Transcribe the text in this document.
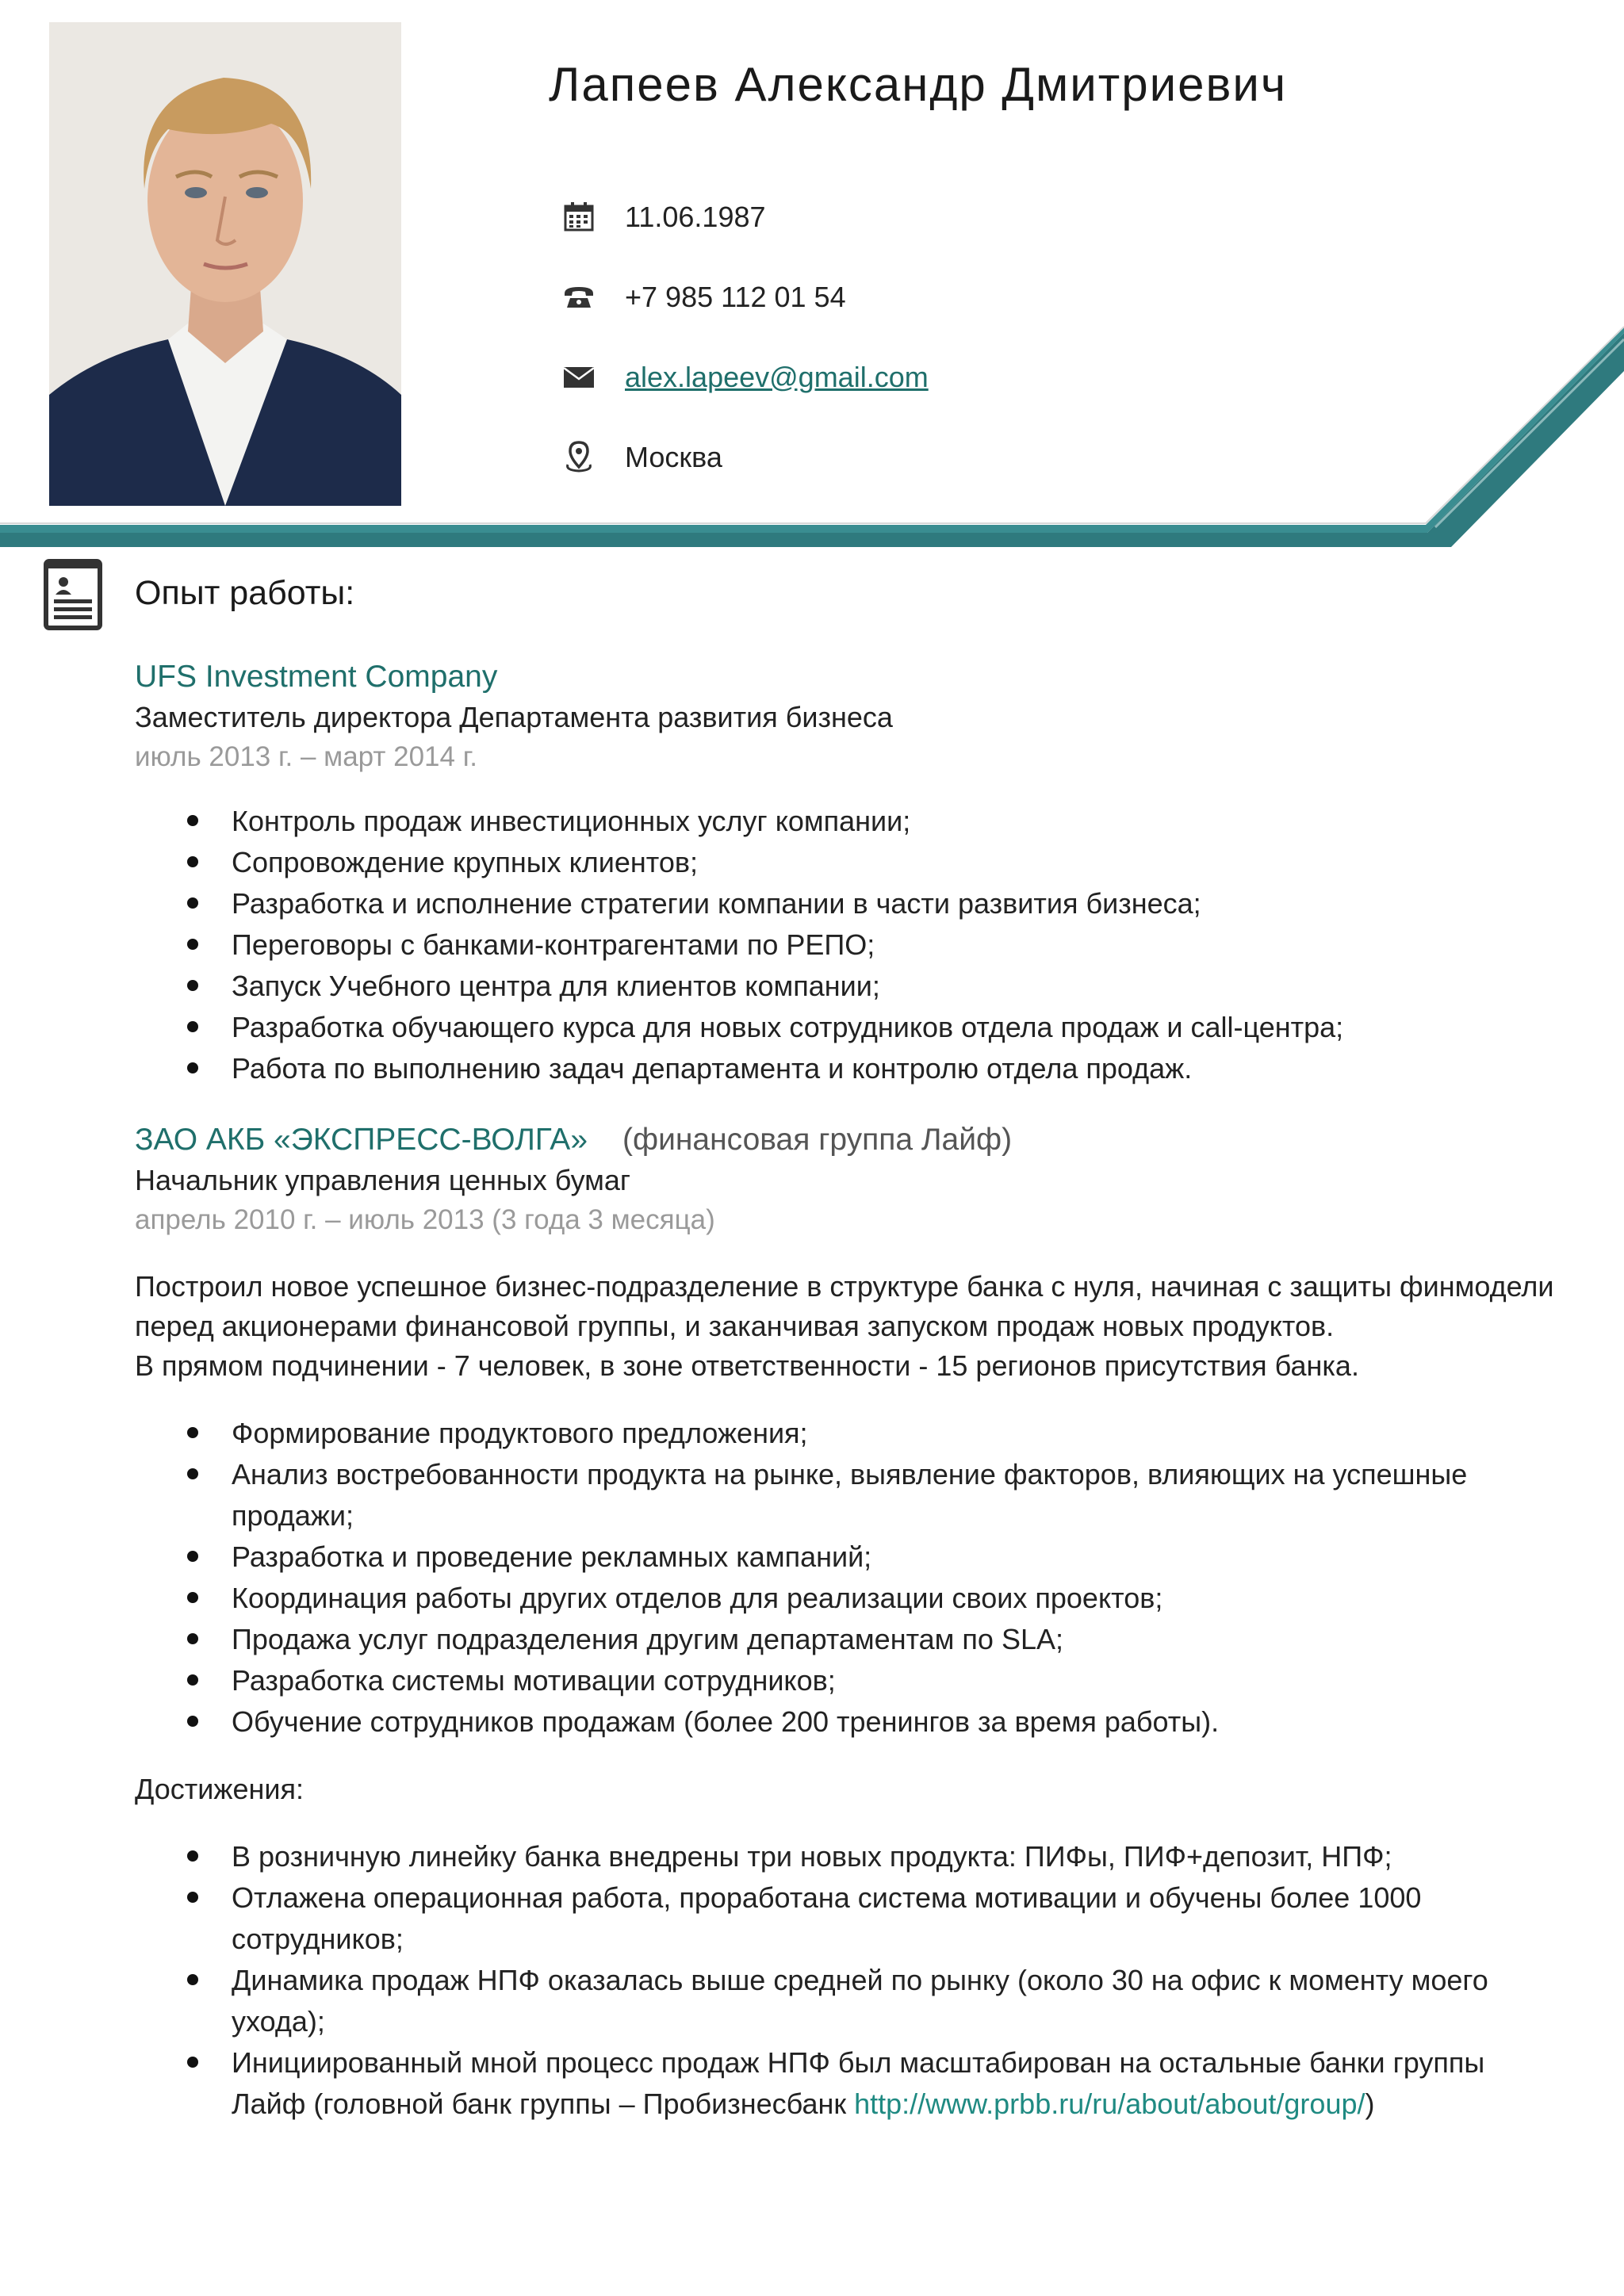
Лапеев Александр Дмитриевич
11.06.1987
+7 985 112 01 54
alex.lapeev@gmail.com
Москва
Опыт работы:
UFS Investment Company
Заместитель директора Департамента развития бизнеса
июль 2013 г. – март 2014 г.
Контроль продаж инвестиционных услуг компании;
Сопровождение крупных клиентов;
Разработка и исполнение стратегии компании в части развития бизнеса;
Переговоры с банками-контрагентами по РЕПО;
Запуск Учебного центра для клиентов компании;
Разработка обучающего курса для новых сотрудников отдела продаж и call-центра;
Работа по выполнению задач департамента и контролю отдела продаж.
ЗАО АКБ «ЭКСПРЕСС-ВОЛГА» (финансовая группа Лайф)
Начальник управления ценных бумаг
апрель 2010 г. – июль 2013 (3 года 3 месяца)

Построил новое успешное бизнес-подразделение в структуре банка с нуля, начиная с защиты финмодели перед акционерами финансовой группы, и заканчивая запуском продаж новых продуктов.

В прямом подчинении - 7 человек, в зоне ответственности - 15 регионов присутствия банка.

Формирование продуктового предложения;
Анализ востребованности продукта на рынке, выявление факторов, влияющих на успешные продажи;
Разработка и проведение рекламных кампаний;
Координация работы других отделов для реализации своих проектов;
Продажа услуг подразделения другим департаментам по SLA;
Разработка системы мотивации сотрудников;
Обучение сотрудников продажам (более 200 тренингов за время работы).
Достижения:
В розничную линейку банка внедрены три новых продукта: ПИФы, ПИФ+депозит, НПФ;
Отлажена операционная работа, проработана система мотивации и обучены более 1000 сотрудников;
Динамика продаж НПФ оказалась выше средней по рынку (около 30 на офис к моменту моего ухода);
Инициированный мной процесс продаж НПФ был масштабирован на остальные банки группы Лайф (головной банк группы – Пробизнесбанк http://www.prbb.ru/ru/about/about/group/)
